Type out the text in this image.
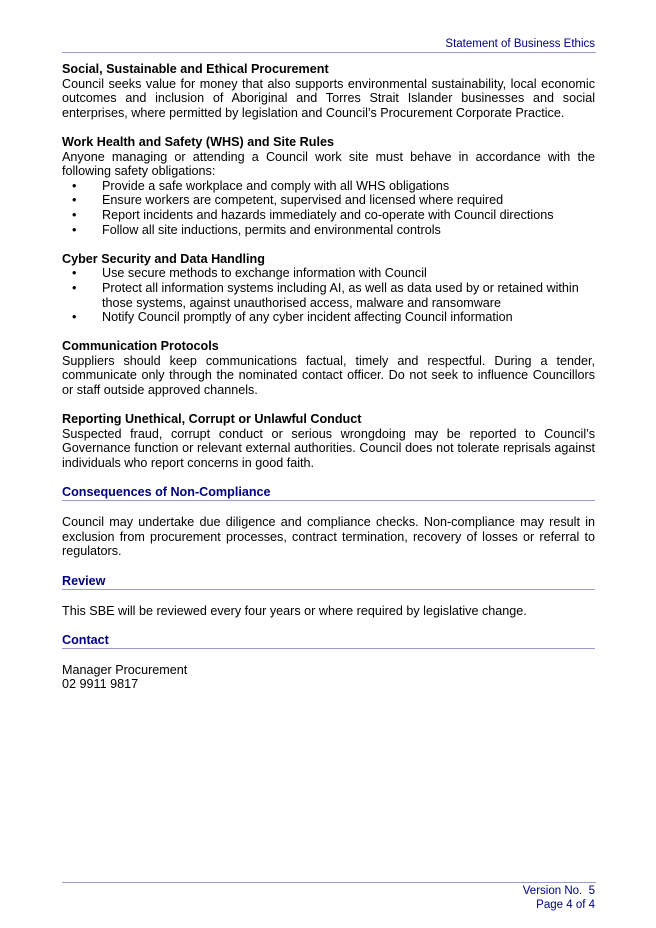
Statement of Business Ethics
Social, Sustainable and Ethical Procurement

Council seeks value for money that also supports environmental sustainability, local economic outcomes and inclusion of Aboriginal and Torres Strait Islander businesses and social enterprises, where permitted by legislation and Council’s Procurement Corporate Practice.

Work Health and Safety (WHS) and Site Rules

Anyone managing or attending a Council work site must behave in accordance with the following safety obligations:

• Provide a safe workplace and comply with all WHS obligations
• Ensure workers are competent, supervised and licensed where required
• Report incidents and hazards immediately and co-operate with Council directions
• Follow all site inductions, permits and environmental controls
Cyber Security and Data Handling
• Use secure methods to exchange information with Council
• Protect all information systems including AI, as well as data used by or retained within those systems, against unauthorised access, malware and ransomware
• Notify Council promptly of any cyber incident affecting Council information
Communication Protocols

Suppliers should keep communications factual, timely and respectful. During a tender, communicate only through the nominated contact officer. Do not seek to influence Councillors or staff outside approved channels.

Reporting Unethical, Corrupt or Unlawful Conduct

Suspected fraud, corrupt conduct or serious wrongdoing may be reported to Council’s Governance function or relevant external authorities. Council does not tolerate reprisals against individuals who report concerns in good faith.

Consequences of Non-Compliance

Council may undertake due diligence and compliance checks. Non-compliance may result in exclusion from procurement processes, contract termination, recovery of losses or referral to regulators.

Review

This SBE will be reviewed every four years or where required by legislative change.

Contact

Manager Procurement

02 9911 9817

Version No.  5
Page 4 of 4
